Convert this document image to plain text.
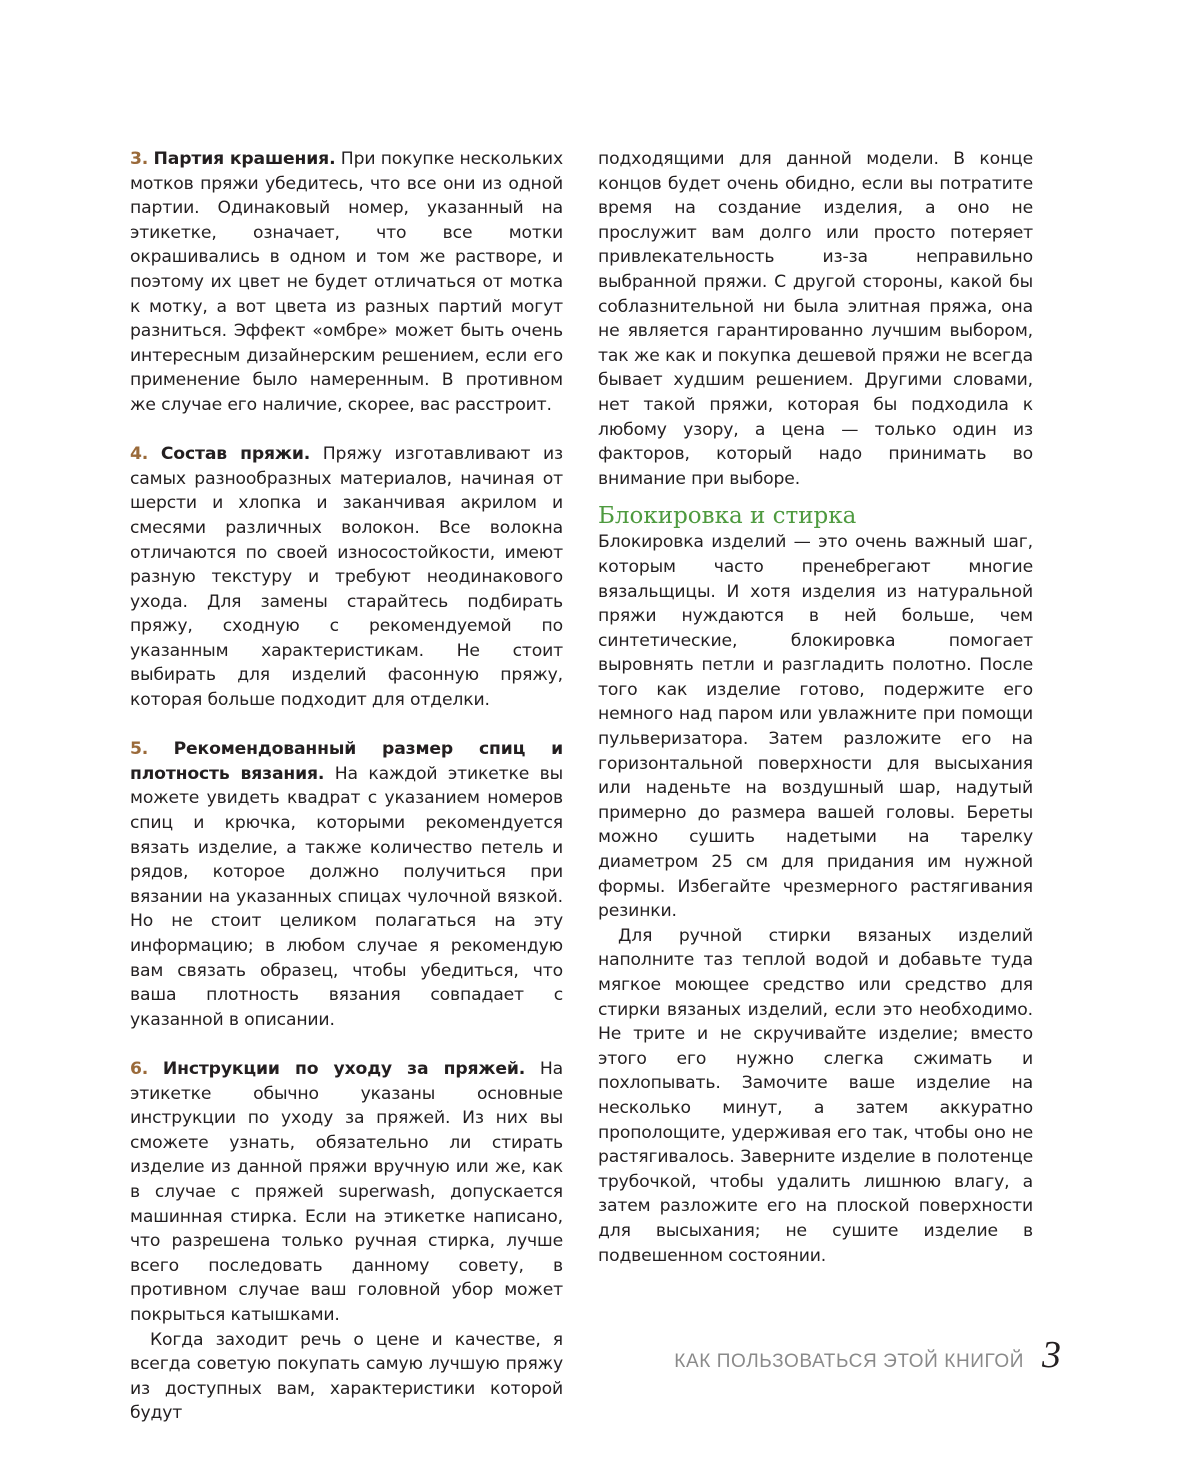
3. Партия крашения. При покупке нескольких мотков пряжи убедитесь, что все они из одной партии. Одинаковый номер, указанный на этикетке, означает, что все мотки окрашивались в одном и том же растворе, и поэтому их цвет не будет отличаться от мотка к мотку, а вот цвета из разных партий могут разниться. Эффект «омбре» может быть очень интересным дизайнерским решением, если его применение было намеренным. В противном же случае его наличие, скорее, вас расстроит.

4. Состав пряжи. Пряжу изготавливают из самых разнообразных материалов, начиная от шерсти и хлопка и заканчивая акрилом и смесями различных волокон. Все волокна отличаются по своей износостойкости, имеют разную текстуру и требуют неодинакового ухода. Для замены старайтесь подбирать пряжу, сходную с рекомендуемой по указанным характеристикам. Не стоит выбирать для изделий фасонную пряжу, которая больше подходит для отделки.

5. Рекомендованный размер спиц и плотность вязания. На каждой этикетке вы можете увидеть квадрат с указанием номеров спиц и крючка, которыми рекомендуется вязать изделие, а также количество петель и рядов, которое должно получиться при вязании на указанных спицах чулочной вязкой. Но не стоит целиком полагаться на эту информацию; в любом случае я рекомендую вам связать образец, чтобы убедиться, что ваша плотность вязания совпадает с указанной в описании.

6. Инструкции по уходу за пряжей. На этикетке обычно указаны основные инструкции по уходу за пряжей. Из них вы сможете узнать, обязательно ли стирать изделие из данной пряжи вручную или же, как в случае с пряжей superwash, допускается машинная стирка. Если на этикетке написано, что разрешена только ручная стирка, лучше всего последовать данному совету, в противном случае ваш головной убор может покрыться катышками.

Когда заходит речь о цене и качестве, я всегда советую покупать самую лучшую пряжу из доступных вам, характеристики которой будут

подходящими для данной модели. В конце концов будет очень обидно, если вы потратите время на создание изделия, а оно не прослужит вам долго или просто потеряет привлекательность из-за неправильно выбранной пряжи. С другой стороны, какой бы соблазнительной ни была элитная пряжа, она не является гарантированно лучшим выбором, так же как и покупка дешевой пряжи не всегда бывает худшим решением. Другими словами, нет такой пряжи, которая бы подходила к любому узору, а цена — только один из факторов, который надо принимать во внимание при выборе.

Блокировка и стирка

Блокировка изделий — это очень важный шаг, которым часто пренебрегают многие вязальщицы. И хотя изделия из натуральной пряжи нуждаются в ней больше, чем синтетические, блокировка помогает выровнять петли и разгладить полотно. После того как изделие готово, подержите его немного над паром или увлажните при помощи пульверизатора. Затем разложите его на горизонтальной поверхности для высыхания или наденьте на воздушный шар, надутый примерно до размера вашей головы. Береты можно сушить надетыми на тарелку диаметром 25 см для придания им нужной формы. Избегайте чрезмерного растягивания резинки.

Для ручной стирки вязаных изделий наполните таз теплой водой и добавьте туда мягкое моющее средство или средство для стирки вязаных изделий, если это необходимо. Не трите и не скручивайте изделие; вместо этого его нужно слегка сжимать и похлопывать. Замочите ваше изделие на несколько минут, а затем аккуратно прополощите, удерживая его так, чтобы оно не растягивалось. Заверните изделие в полотенце трубочкой, чтобы удалить лишнюю влагу, а затем разложите его на плоской поверхности для высыхания; не сушите изделие в подвешенном состоянии.

КАК ПОЛЬЗОВАТЬСЯ ЭТОЙ КНИГОЙ 3
